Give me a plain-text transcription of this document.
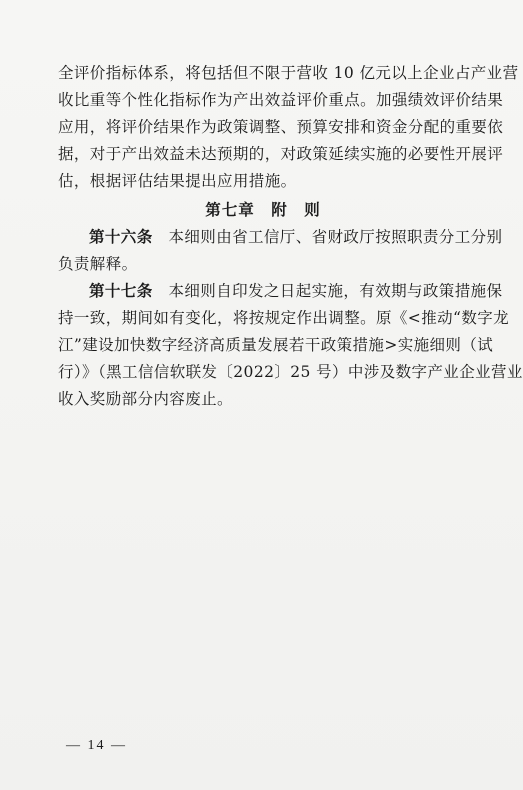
全评价指标体系，将包括但不限于营收 10 亿元以上企业占产业营
收比重等个性化指标作为产出效益评价重点。加强绩效评价结果
应用，将评价结果作为政策调整、预算安排和资金分配的重要依
据，对于产出效益未达预期的，对政策延续实施的必要性开展评
估，根据评估结果提出应用措施。
第七章　附　则
第十六条　本细则由省工信厅、省财政厅按照职责分工分别
负责解释。
第十七条　本细则自印发之日起实施，有效期与政策措施保
持一致，期间如有变化，将按规定作出调整。原《<推动“数字龙
江”建设加快数字经济高质量发展若干政策措施>实施细则（试
行）》（黑工信信软联发〔2022〕25 号）中涉及数字产业企业营业
收入奖励部分内容废止。
— 14 —
